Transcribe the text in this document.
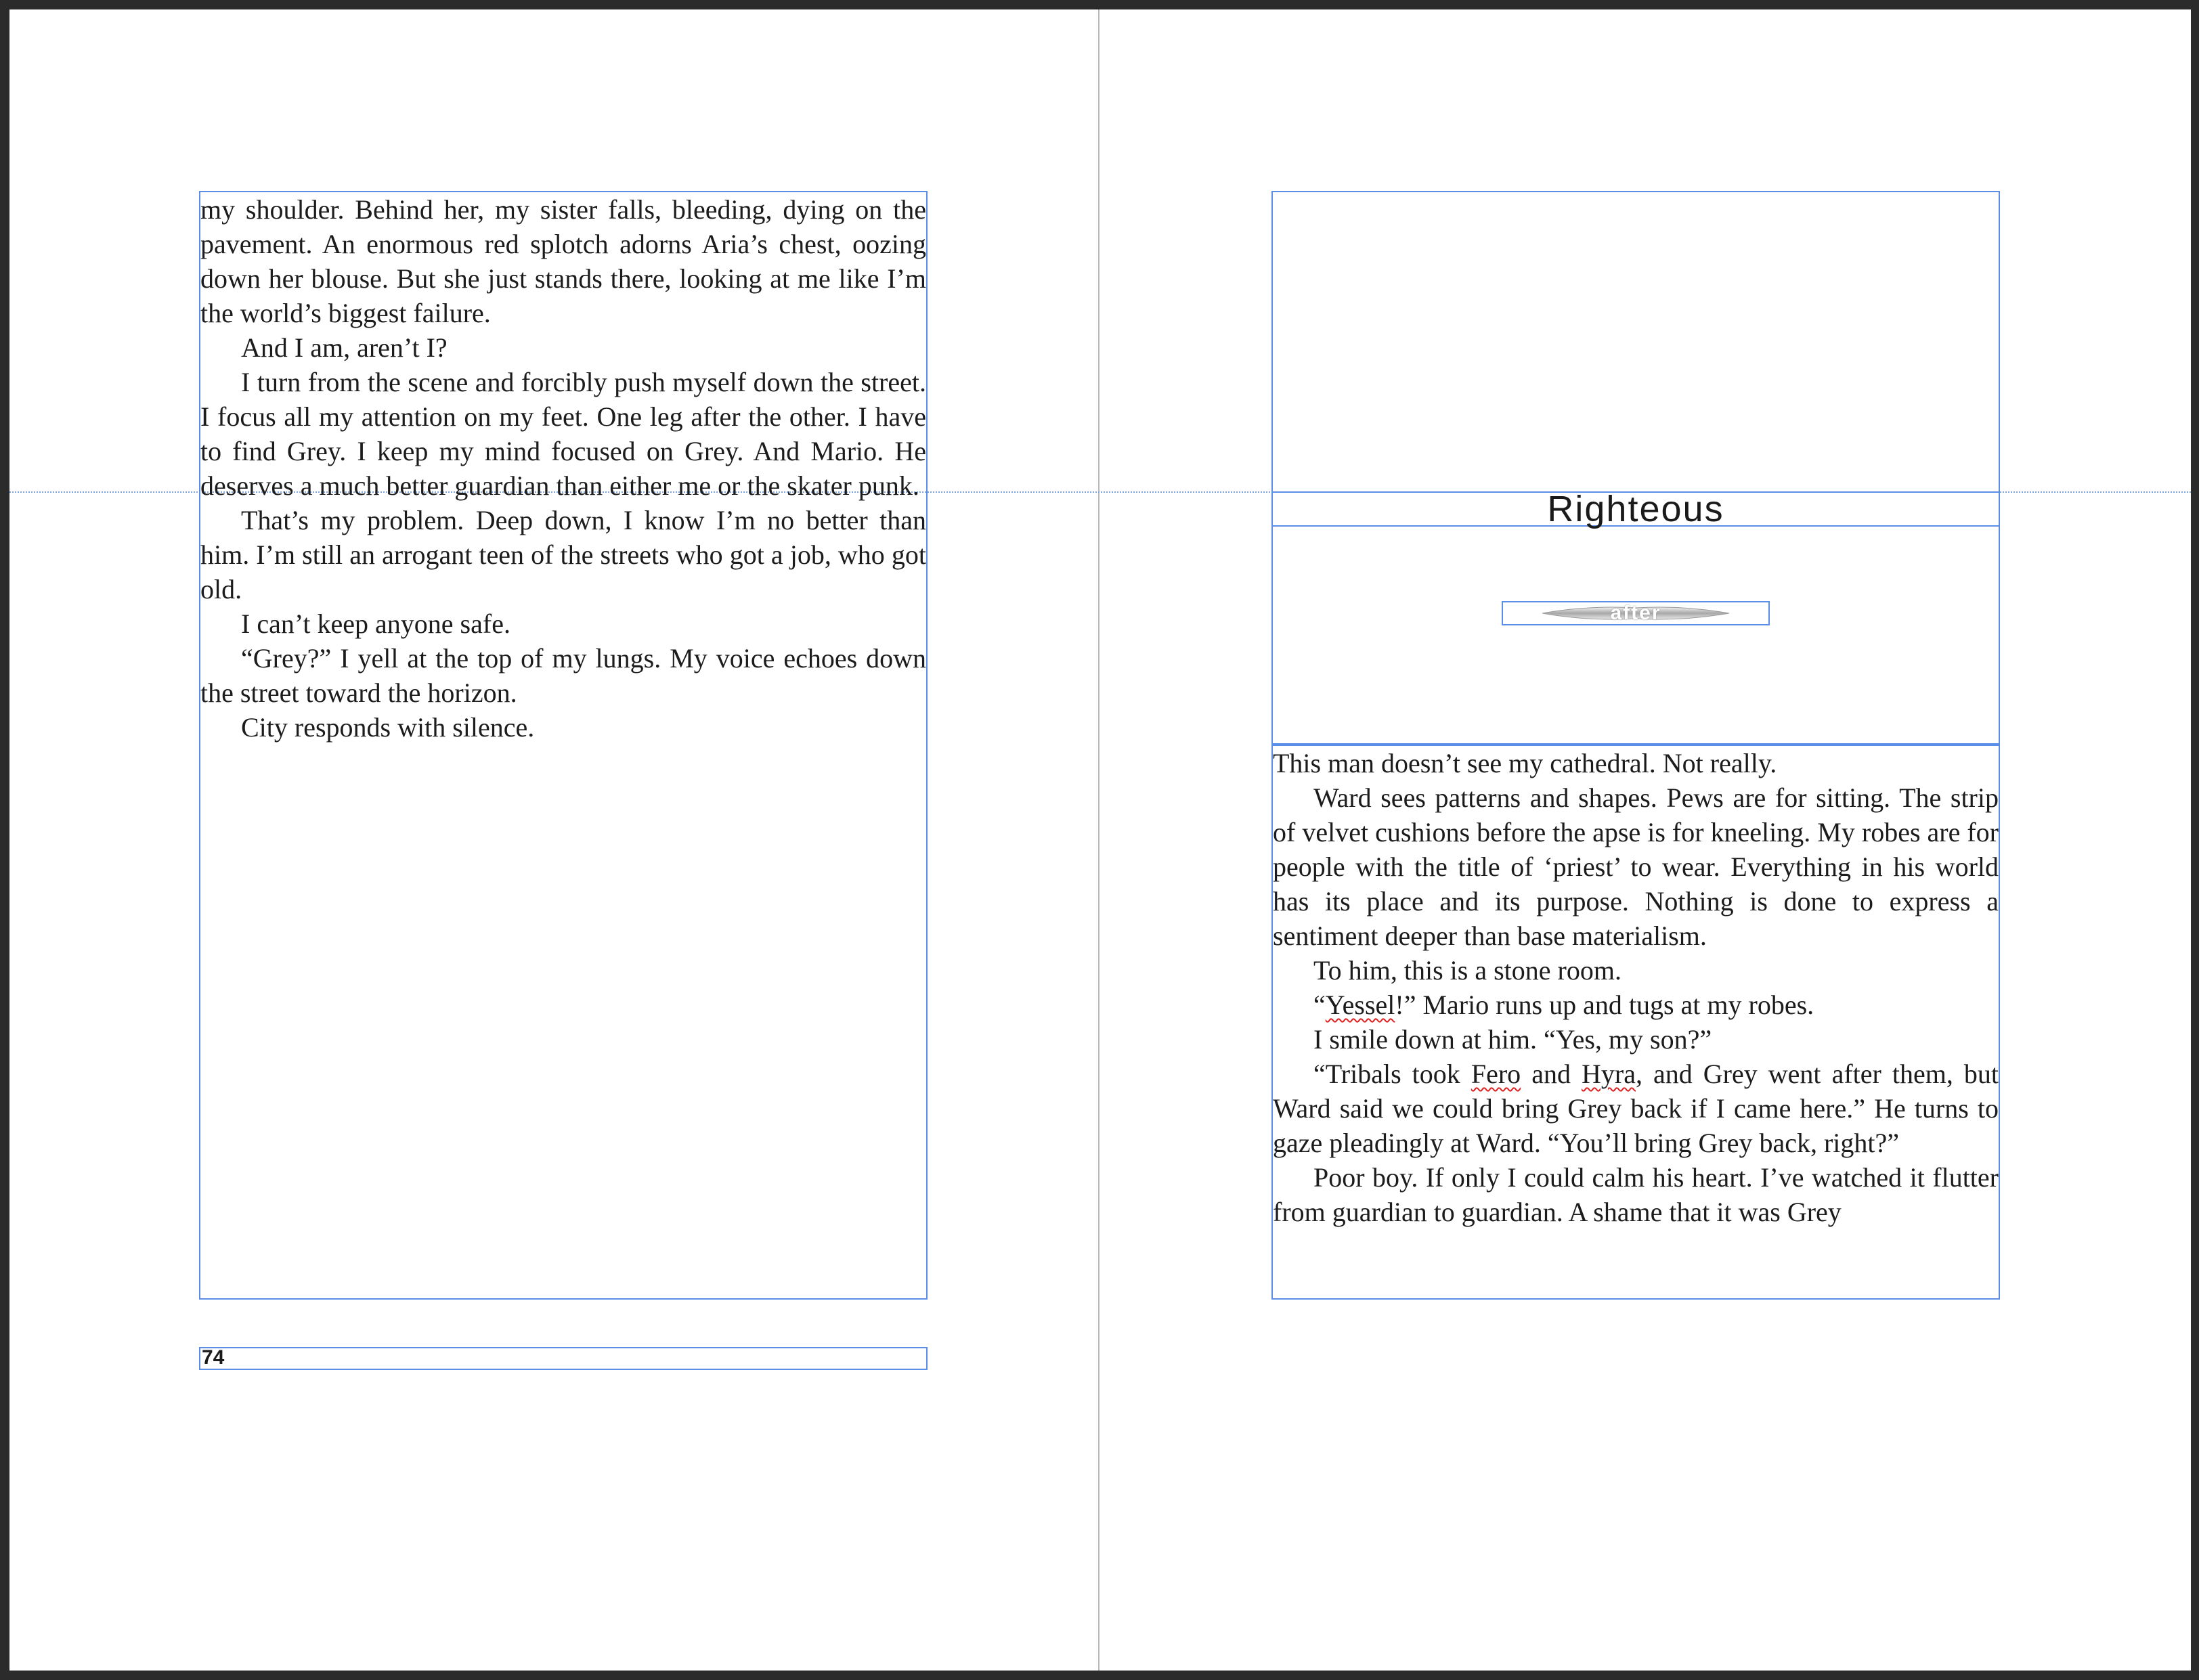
my shoulder. Behind her, my sister falls, bleeding, dying on the pavement. An enormous red splotch adorns Aria’s chest, oozing down her blouse. But she just stands there, looking at me like I’m the world’s biggest failure.

And I am, aren’t I?

I turn from the scene and forcibly push myself down the street. I focus all my attention on my feet. One leg after the other. I have to find Grey. I keep my mind focused on Grey. And Mario. He deserves a much better guardian than either me or the skater punk.

That’s my problem. Deep down, I know I’m no better than him. I’m still an arrogant teen of the streets who got a job, who got old.

I can’t keep anyone safe.

“Grey?” I yell at the top of my lungs. My voice echoes down the street toward the horizon.

City responds with silence.

74
Righteous
after

This man doesn’t see my cathedral. Not really.

Ward sees patterns and shapes. Pews are for sitting. The strip of velvet cushions before the apse is for kneeling. My robes are for people with the title of ‘priest’ to wear. Everything in his world has its place and its purpose. Nothing is done to express a sentiment deeper than base materialism.

To him, this is a stone room.

“Yessel!” Mario runs up and tugs at my robes.

I smile down at him. “Yes, my son?”

“Tribals took Fero and Hyra, and Grey went after them, but Ward said we could bring Grey back if I came here.” He turns to gaze pleadingly at Ward. “You’ll bring Grey back, right?”

Poor boy. If only I could calm his heart. I’ve watched it flutter from guardian to guardian. A shame that it was Grey
